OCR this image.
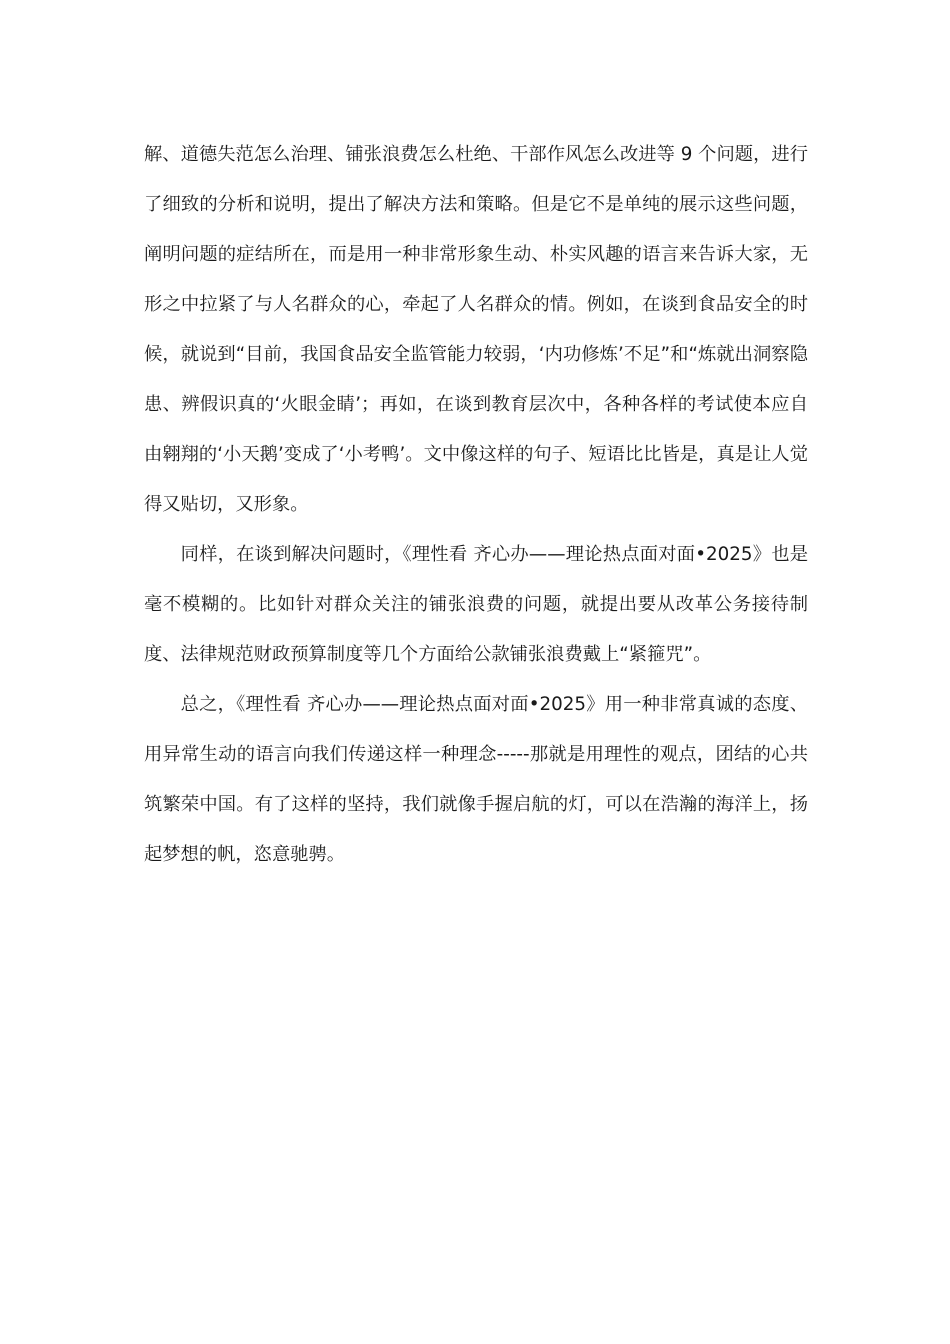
解、道德失范怎么治理、铺张浪费怎么杜绝、干部作风怎么改进等 9 个问题，进行了细致的分析和说明，提出了解决方法和策略。但是它不是单纯的展示这些问题，阐明问题的症结所在，而是用一种非常形象生动、朴实风趣的语言来告诉大家，无形之中拉紧了与人名群众的心，牵起了人名群众的情。例如，在谈到食品安全的时候，就说到“目前，我国食品安全监管能力较弱，‘内功修炼’不足”和“炼就出洞察隐患、辨假识真的‘火眼金睛’；再如，在谈到教育层次中，各种各样的考试使本应自由翱翔的‘小天鹅’变成了‘小考鸭’。文中像这样的句子、短语比比皆是，真是让人觉得又贴切，又形象。

同样，在谈到解决问题时，《理性看 齐心办——理论热点面对面•2025》也是毫不模糊的。比如针对群众关注的铺张浪费的问题，就提出要从改革公务接待制度、法律规范财政预算制度等几个方面给公款铺张浪费戴上“紧箍咒”。

总之，《理性看 齐心办——理论热点面对面•2025》用一种非常真诚的态度、用异常生动的语言向我们传递这样一种理念-----那就是用理性的观点，团结的心共筑繁荣中国。有了这样的坚持，我们就像手握启航的灯，可以在浩瀚的海洋上，扬起梦想的帆，恣意驰骋。
